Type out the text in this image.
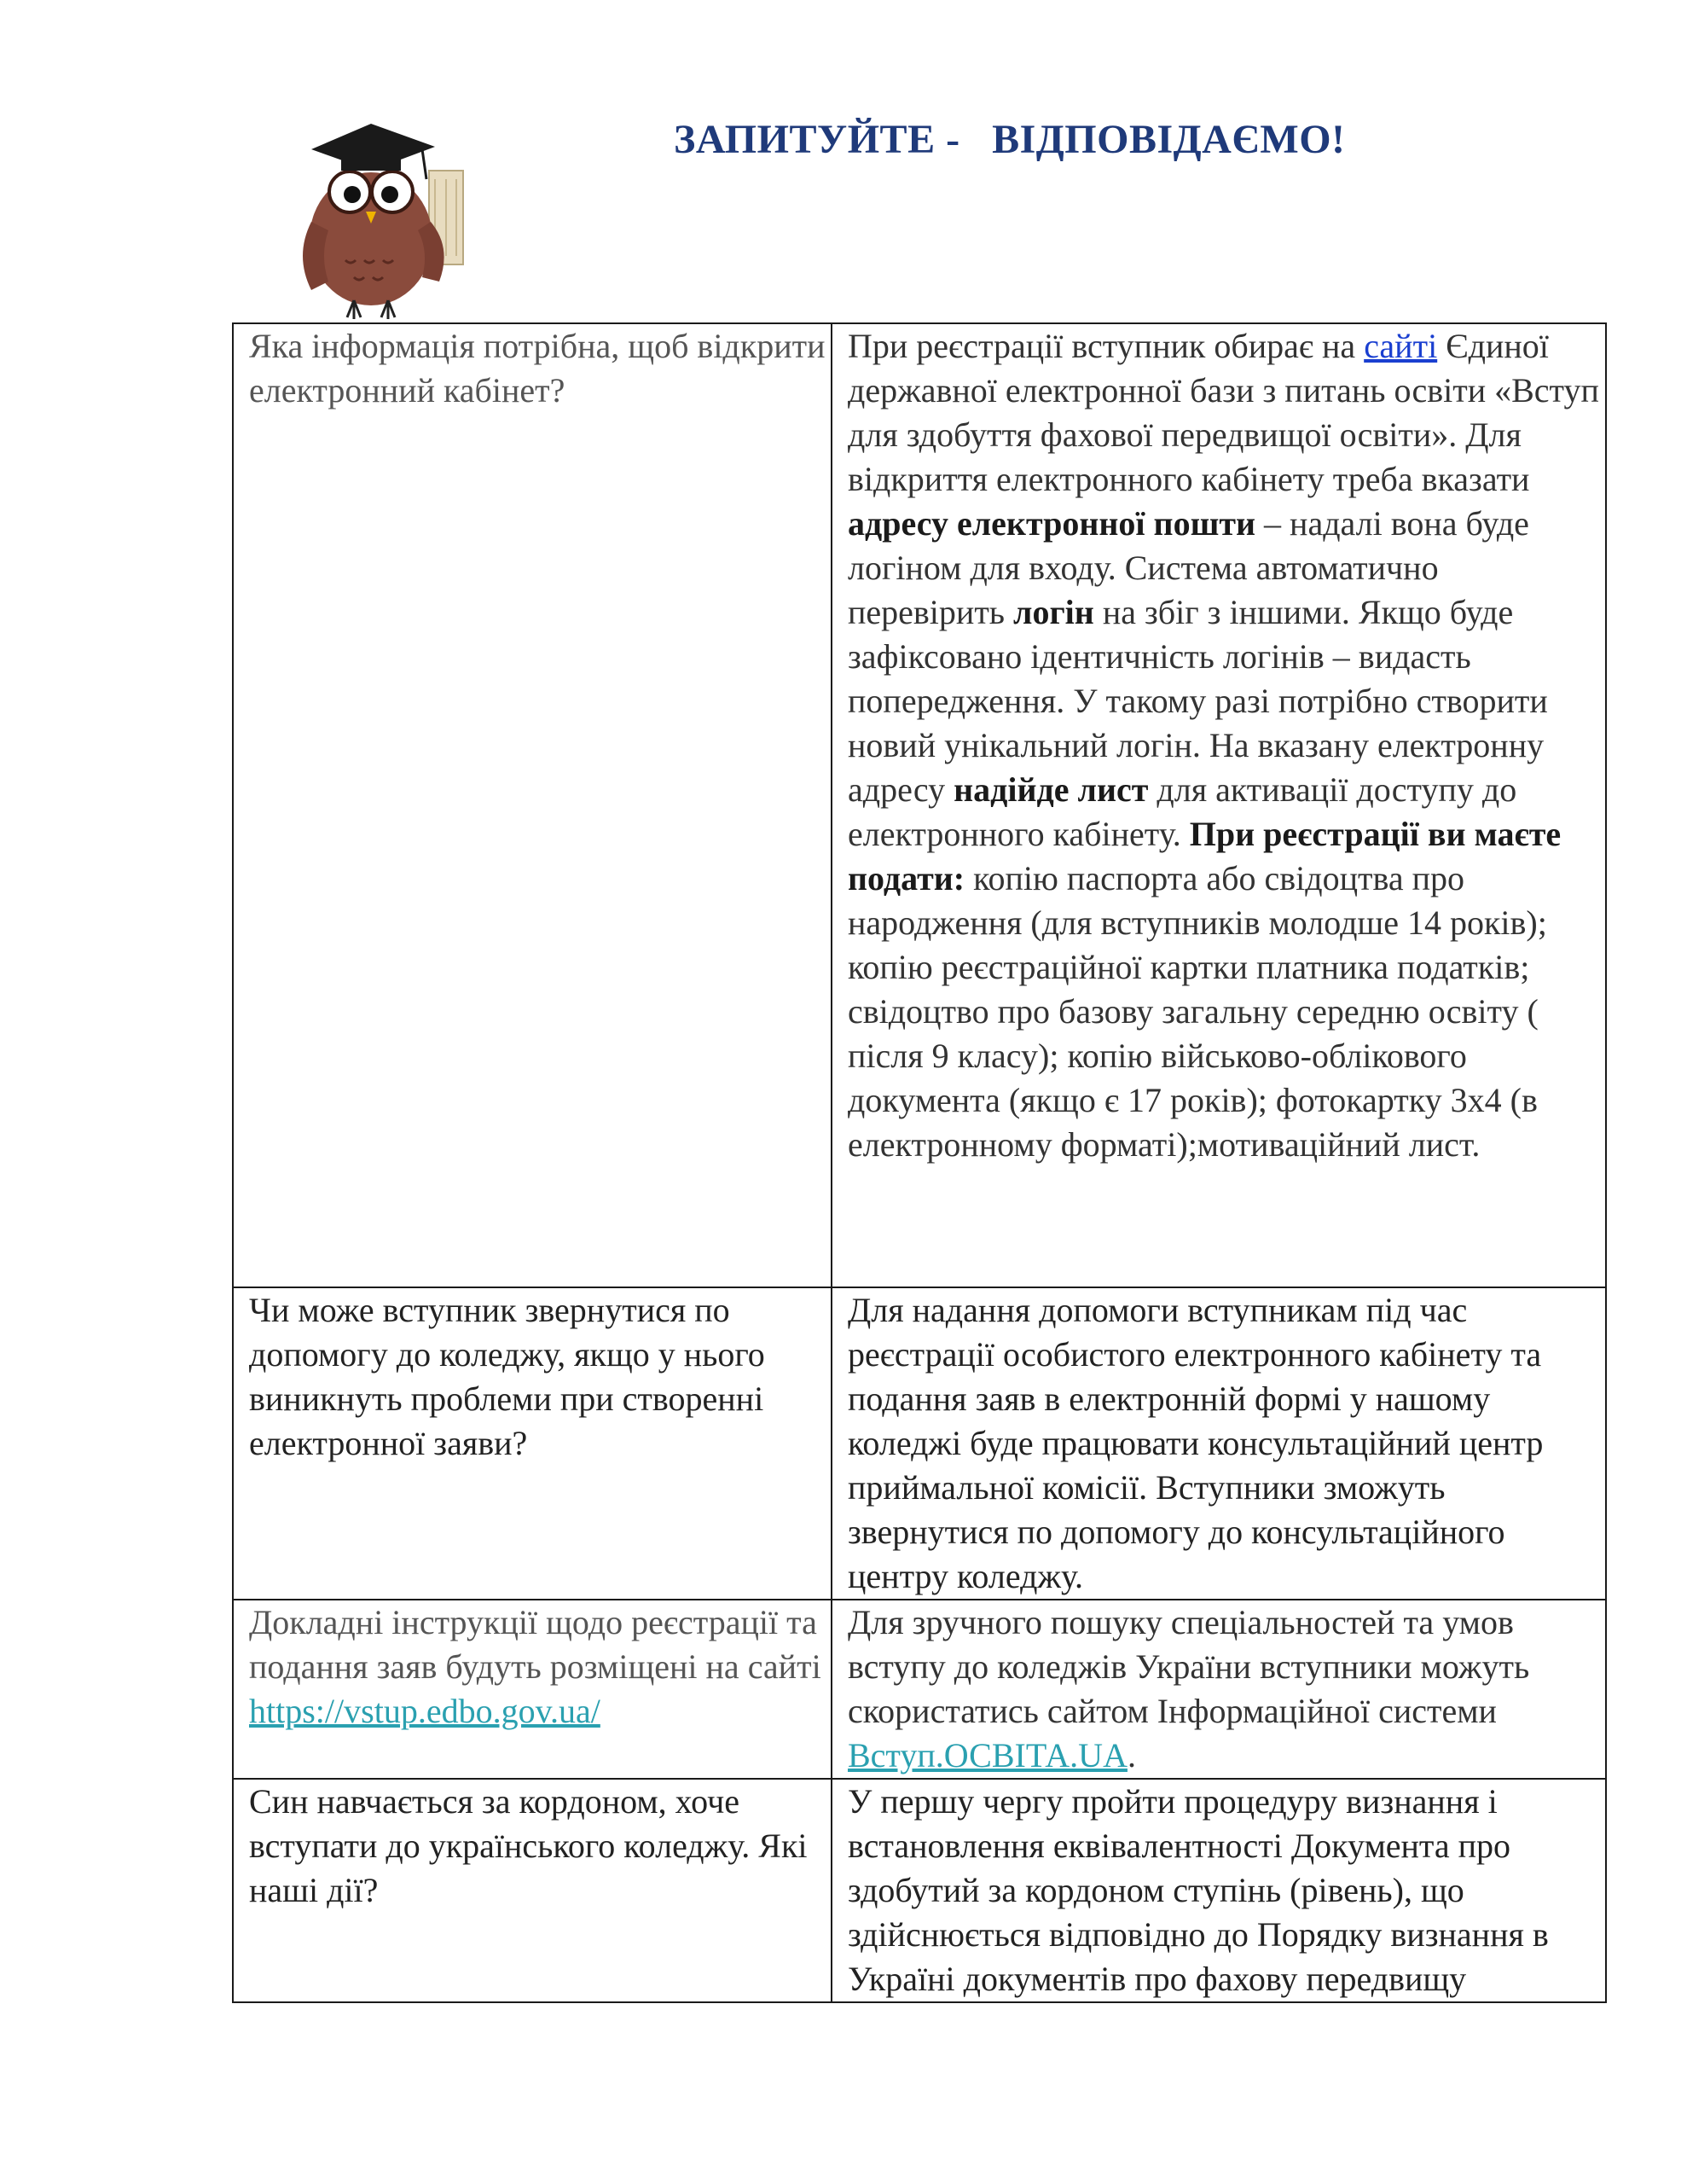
ЗАПИТУЙТЕ -   ВІДПОВІДАЄМО!
Яка інформація потрібна, щоб відкрити електронний кабінет?	При реєстрації вступник обирає на сайті Єдиної державної електронної бази з питань освіти «Вступ для здобуття фахової передвищої освіти». Для відкриття електронного кабінету треба вказати адресу електронної пошти – надалі вона буде логіном для входу. Система автоматично перевірить логін на збіг з іншими. Якщо буде зафіксовано ідентичність логінів – видасть попередження. У такому разі потрібно створити новий унікальний логін. На вказану електронну адресу надійде лист для активації доступу до електронного кабінету. При реєстрації ви маєте подати: копію паспорта або свідоцтва про народження (для вступників молодше 14 років); копію реєстраційної картки платника податків; свідоцтво про базову загальну середню освіту ( після 9 класу); копію військово-облікового документа (якщо є 17 років); фотокартку 3х4 (в електронному форматі);мотиваційний лист.
Чи може вступник звернутися по допомогу до коледжу, якщо у нього виникнуть проблеми при створенні електронної заяви?	Для надання допомоги вступникам під час реєстрації особистого електронного кабінету та подання заяв в електронній формі у нашому коледжі буде працювати консультаційний центр приймальної комісії. Вступники зможуть звернутися по допомогу до консультаційного центру коледжу.
Докладні інструкції щодо реєстрації та подання заяв будуть розміщені на сайті https://vstup.edbo.gov.ua/	Для зручного пошуку спеціальностей та умов вступу до коледжів України вступники можуть скористатись сайтом Інформаційної системи Вступ.ОСВІТА.UA.
Син навчається за кордоном, хоче вступати до українського коледжу. Які наші дії?	У першу чергу пройти процедуру визнання і встановлення еквівалентності Документа про здобутий за кордоном ступінь (рівень), що здійснюється відповідно до Порядку визнання в Україні документів про фахову передвищу
